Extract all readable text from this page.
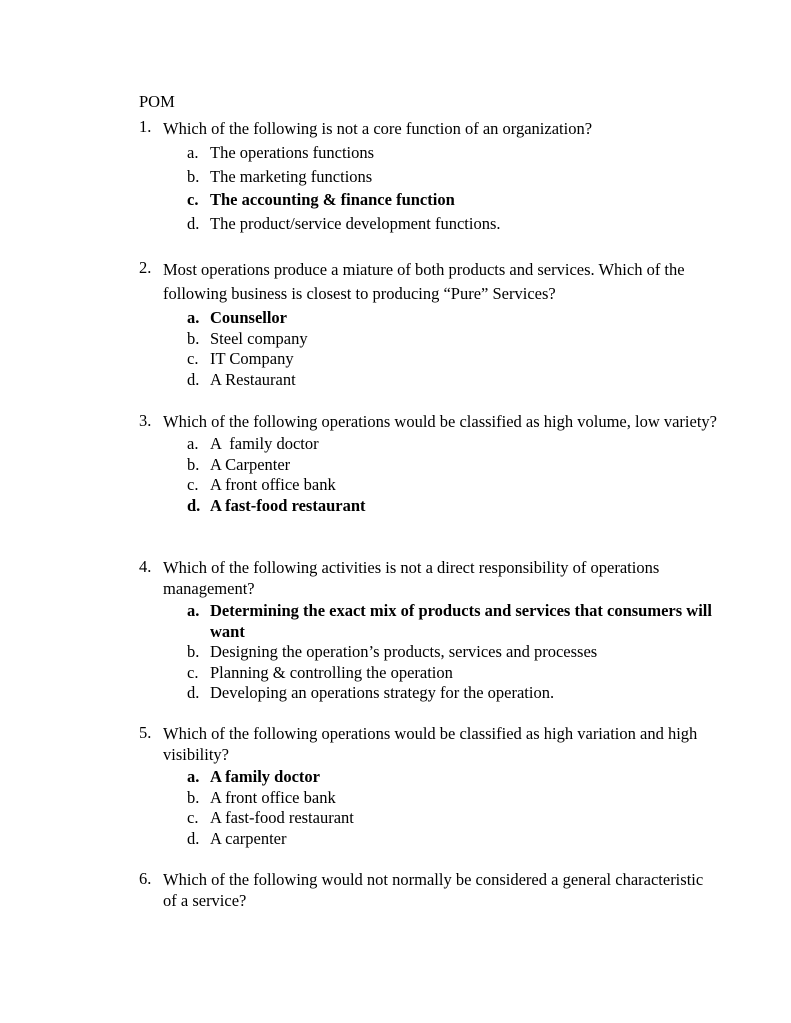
POM
1. Which of the following is not a core function of an organization?
a. The operations functions
b. The marketing functions
c. The accounting & finance function
d. The product/service development functions.
2. Most operations produce a miature of both products and services. Which of the following business is closest to producing “Pure” Services?
a. Counsellor
b. Steel company
c. IT Company
d. A Restaurant
3. Which of the following operations would be classified as high volume, low variety?
a. A  family doctor
b. A Carpenter
c. A front office bank
d. A fast-food restaurant
4. Which of the following activities is not a direct responsibility of operations management?
a. Determining the exact mix of products and services that consumers will want
b. Designing the operation’s products, services and processes
c. Planning & controlling the operation
d. Developing an operations strategy for the operation.
5. Which of the following operations would be classified as high variation and high visibility?
a. A family doctor
b. A front office bank
c. A fast-food restaurant
d. A carpenter
6. Which of the following would not normally be considered a general characteristic of a service?
